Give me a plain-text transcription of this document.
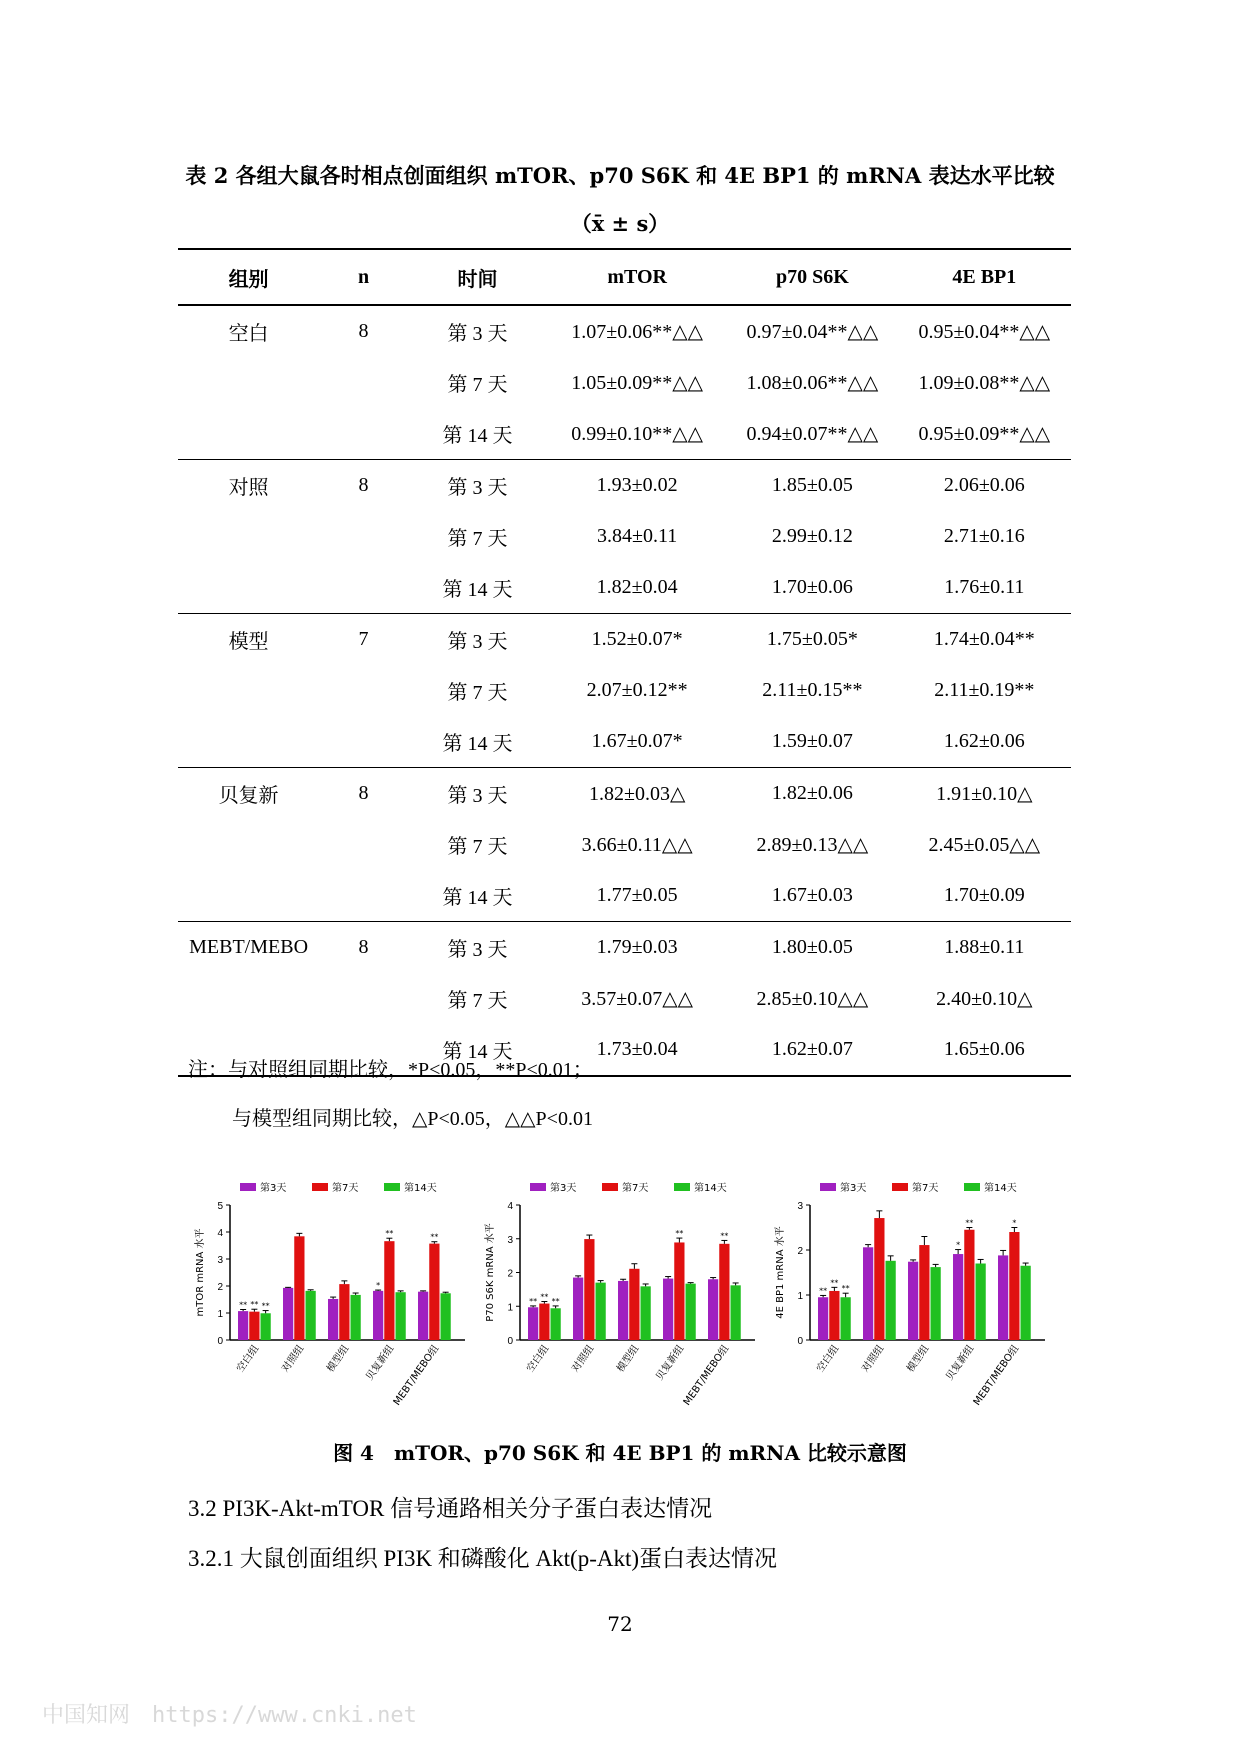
表 2 各组大鼠各时相点创面组织 mTOR、p70 S6K 和 4E BP1 的 mRNA 表达水平比较
（x̄ ± s）
组别	n	时间	mTOR	p70 S6K	4E BP1
空白	8	第 3 天	1.07±0.06**△△	0.97±0.04**△△	0.95±0.04**△△
		第 7 天	1.05±0.09**△△	1.08±0.06**△△	1.09±0.08**△△
		第 14 天	0.99±0.10**△△	0.94±0.07**△△	0.95±0.09**△△
对照	8	第 3 天	1.93±0.02	1.85±0.05	2.06±0.06
		第 7 天	3.84±0.11	2.99±0.12	2.71±0.16
		第 14 天	1.82±0.04	1.70±0.06	1.76±0.11
模型	7	第 3 天	1.52±0.07*	1.75±0.05*	1.74±0.04**
		第 7 天	2.07±0.12**	2.11±0.15**	2.11±0.19**
		第 14 天	1.67±0.07*	1.59±0.07	1.62±0.06
贝复新	8	第 3 天	1.82±0.03△	1.82±0.06	1.91±0.10△
		第 7 天	3.66±0.11△△	2.89±0.13△△	2.45±0.05△△
		第 14 天	1.77±0.05	1.67±0.03	1.70±0.09
MEBT/MEBO	8	第 3 天	1.79±0.03	1.80±0.05	1.88±0.11
		第 7 天	3.57±0.07△△	2.85±0.10△△	2.40±0.10△
		第 14 天	1.73±0.04	1.62±0.07	1.65±0.06
注：与对照组同期比较，*P<0.05，**P<0.01；
与模型组同期比较，△P<0.05，△△P<0.01
0
1
2
3
4
5
mTOR mRNA 水平
第3天	第7天	第14天
** ** **
空白组 对照组 模型组
*
**
贝复新组
**
MEBT/MEBO组
0
1
2
3
4
P70 S6K mRNA 水平
第3天	第7天	第14天
** ** **
空白组 对照组 模型组
**
贝复新组
**
MEBT/MEBO组
0
1
2
3
4E BP1 mRNA 水平
第3天	第7天	第14天
**
**
**
空白组 对照组 模型组
*
**
贝复新组
*
MEBT/MEBO组
图 4　mTOR、p70 S6K 和 4E BP1 的 mRNA 比较示意图
3.2 PI3K-Akt-mTOR 信号通路相关分子蛋白表达情况
3.2.1 大鼠创面组织 PI3K 和磷酸化 Akt(p-Akt)蛋白表达情况
72
中国知网　https://www.cnki.net
